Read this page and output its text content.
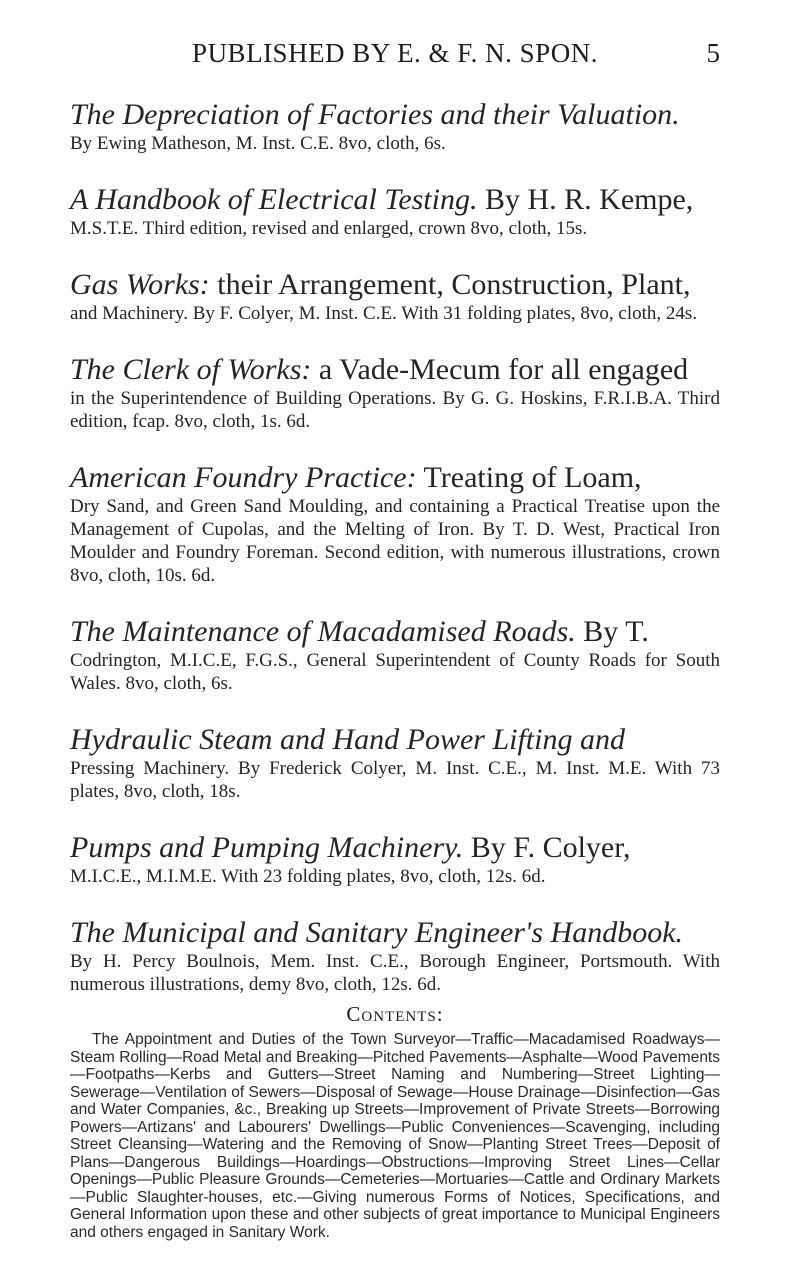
PUBLISHED BY E. & F. N. SPON.	5

The Depreciation of Factories and their Valuation.

By Ewing Matheson, M. Inst. C.E. 8vo, cloth, 6s.

A Handbook of Electrical Testing. By H. R. Kempe,

M.S.T.E. Third edition, revised and enlarged, crown 8vo, cloth, 15s.

Gas Works: their Arrangement, Construction, Plant,

and Machinery. By F. Colyer, M. Inst. C.E. With 31 folding plates, 8vo, cloth, 24s.

The Clerk of Works: a Vade-Mecum for all engaged

in the Superintendence of Building Operations. By G. G. Hoskins, F.R.I.B.A. Third edition, fcap. 8vo, cloth, 1s. 6d.

American Foundry Practice: Treating of Loam,

Dry Sand, and Green Sand Moulding, and containing a Practical Treatise upon the Management of Cupolas, and the Melting of Iron. By T. D. West, Practical Iron Moulder and Foundry Foreman. Second edition, with numerous illustrations, crown 8vo, cloth, 10s. 6d.

The Maintenance of Macadamised Roads. By T.

Codrington, M.I.C.E, F.G.S., General Superintendent of County Roads for South Wales. 8vo, cloth, 6s.

Hydraulic Steam and Hand Power Lifting and

Pressing Machinery. By Frederick Colyer, M. Inst. C.E., M. Inst. M.E. With 73 plates, 8vo, cloth, 18s.

Pumps and Pumping Machinery. By F. Colyer,

M.I.C.E., M.I.M.E. With 23 folding plates, 8vo, cloth, 12s. 6d.

The Municipal and Sanitary Engineer's Handbook.

By H. Percy Boulnois, Mem. Inst. C.E., Borough Engineer, Portsmouth. With numerous illustrations, demy 8vo, cloth, 12s. 6d.

Contents:

The Appointment and Duties of the Town Surveyor—Traffic—Macadamised Roadways—Steam Rolling—Road Metal and Breaking—Pitched Pavements—Asphalte—Wood Pavements—Footpaths—Kerbs and Gutters—Street Naming and Numbering—Street Lighting—Sewerage—Ventilation of Sewers—Disposal of Sewage—House Drainage—Disinfection—Gas and Water Companies, &c., Breaking up Streets—Improvement of Private Streets—Borrowing Powers—Artizans' and Labourers' Dwellings—Public Conveniences—Scavenging, including Street Cleansing—Watering and the Removing of Snow—Planting Street Trees—Deposit of Plans—Dangerous Buildings—Hoardings—Obstructions—Improving Street Lines—Cellar Openings—Public Pleasure Grounds—Cemeteries—Mortuaries—Cattle and Ordinary Markets—Public Slaughter-houses, etc.—Giving numerous Forms of Notices, Specifications, and General Information upon these and other subjects of great importance to Municipal Engineers and others engaged in Sanitary Work.
